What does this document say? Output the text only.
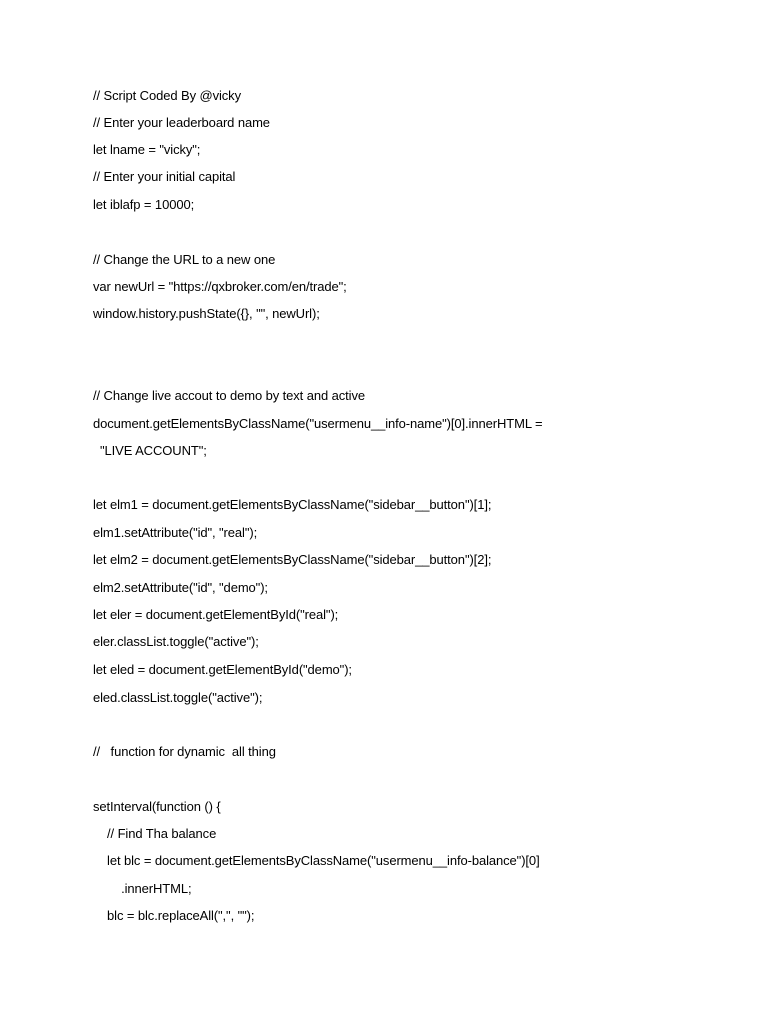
// Script Coded By @vicky
// Enter your leaderboard name
let lname = "vicky";
// Enter your initial capital
let iblafp = 10000;
// Change the URL to a new one
var newUrl = "https://qxbroker.com/en/trade";
window.history.pushState({}, "", newUrl);
// Change live accout to demo by text and active
document.getElementsByClassName("usermenu__info-name")[0].innerHTML =
"LIVE ACCOUNT";
let elm1 = document.getElementsByClassName("sidebar__button")[1];
elm1.setAttribute("id", "real");
let elm2 = document.getElementsByClassName("sidebar__button")[2];
elm2.setAttribute("id", "demo");
let eler = document.getElementById("real");
eler.classList.toggle("active");
let eled = document.getElementById("demo");
eled.classList.toggle("active");
//   function for dynamic  all thing
setInterval(function () {
// Find Tha balance
let blc = document.getElementsByClassName("usermenu__info-balance")[0]
.innerHTML;
blc = blc.replaceAll(",", "");
